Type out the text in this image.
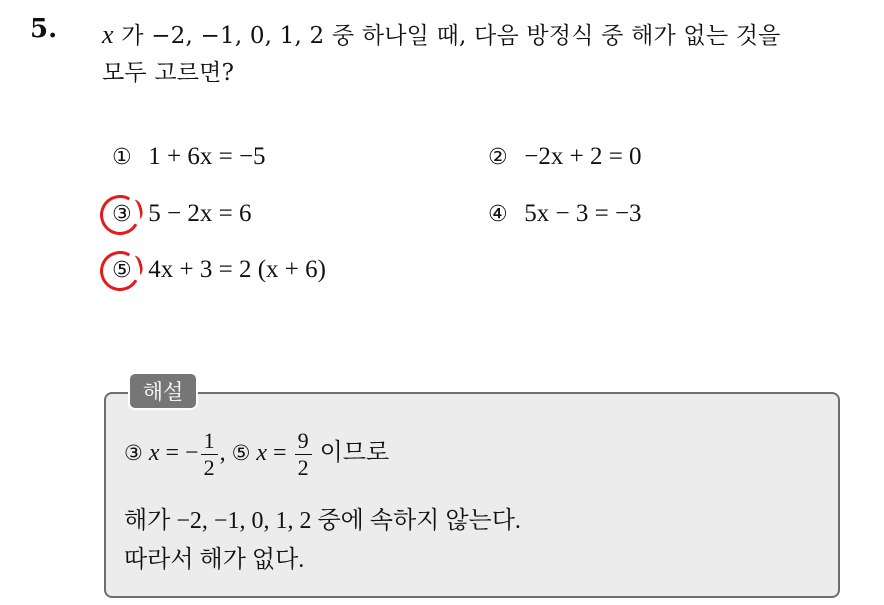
5. x 가 −2, −1, 0, 1, 2 중 하나일 때, 다음 방정식 중 해가 없는 것을
모두 고르면?
① 1 + 6x = −5	② −2x + 2 = 0
③ 5 − 2x = 6	④ 5x − 3 = −3
⑤ 4x + 3 = 2 (x + 6)
해설
③ x = − $\frac{1}{2}$ , ⑤ $x = \frac{9}{2}$ 이므로
해가 −2, −1, 0, 1, 2 중에 속하지 않는다.
따라서 해가 없다.
